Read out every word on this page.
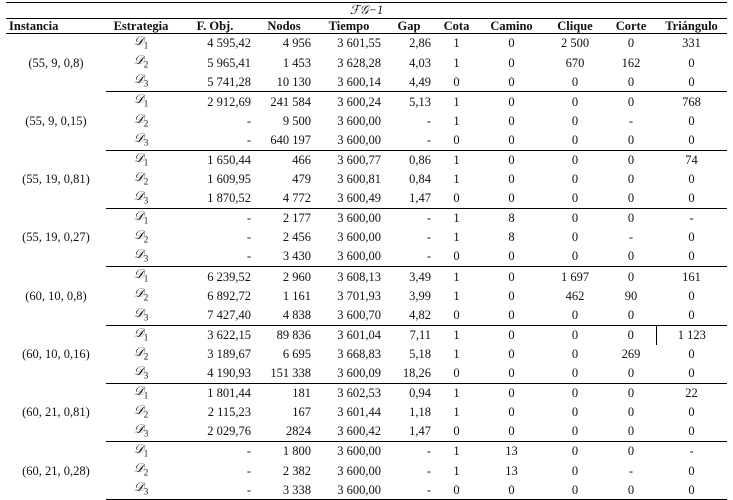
ℱ𝒢−1										
Instancia	Estrategia	F. Obj.	Nodos	Tiempo	Gap	Cota	Camino	Clique	Corte	Triángulo
(55, 9, 0,8)	𝒟$_1$	4 595,42	4 956	3 601,55	2,86	1	0	2 500	0	331
	𝒟$_2$	5 965,41	1 453	3 628,28	4,03	1	0	670	162	0
	𝒟$_3$	5 741,28	10 130	3 600,14	4,49	0	0	0	0	0
(55, 9, 0,15)	𝒟$_1$	2 912,69	241 584	3 600,24	5,13	1	0	0	0	768
	𝒟$_2$	-	9 500	3 600,00	-	1	0	0	-	0
	𝒟$_3$	-	640 197	3 600,00	-	0	0	0	0	0
(55, 19, 0,81)	𝒟$_1$	1 650,44	466	3 600,77	0,86	1	0	0	0	74
	𝒟$_2$	1 609,95	479	3 600,81	0,84	1	0	0	0	0
	𝒟$_3$	1 870,52	4 772	3 600,49	1,47	0	0	0	0	0
(55, 19, 0,27)	𝒟$_1$	-	2 177	3 600,00	-	1	8	0	0	-
	𝒟$_2$	-	2 456	3 600,00	-	1	8	0	-	0
	𝒟$_3$	-	3 430	3 600,00	-	0	0	0	0	0
(60, 10, 0,8)	𝒟$_1$	6 239,52	2 960	3 608,13	3,49	1	0	1 697	0	161
	𝒟$_2$	6 892,72	1 161	3 701,93	3,99	1	0	462	90	0
	𝒟$_3$	7 427,40	4 838	3 600,70	4,82	0	0	0	0	0
(60, 10, 0,16)	𝒟$_1$	3 622,15	89 836	3 601,04	7,11	1	0	0	0	1 123
	𝒟$_2$	3 189,67	6 695	3 668,83	5,18	1	0	0	269	0
	𝒟$_3$	4 190,93	151 338	3 600,09	18,26	0	0	0	0	0
(60, 21, 0,81)	𝒟$_1$	1 801,44	181	3 602,53	0,94	1	0	0	0	22
	𝒟$_2$	2 115,23	167	3 601,44	1,18	1	0	0	0	0
	𝒟$_3$	2 029,76	2824	3 600,42	1,47	0	0	0	0	0
(60, 21, 0,28)	𝒟$_1$	-	1 800	3 600,00	-	1	13	0	0	-
	𝒟$_2$	-	2 382	3 600,00	-	1	13	0	-	0
	𝒟$_3$	-	3 338	3 600,00	-	0	0	0	0	0
